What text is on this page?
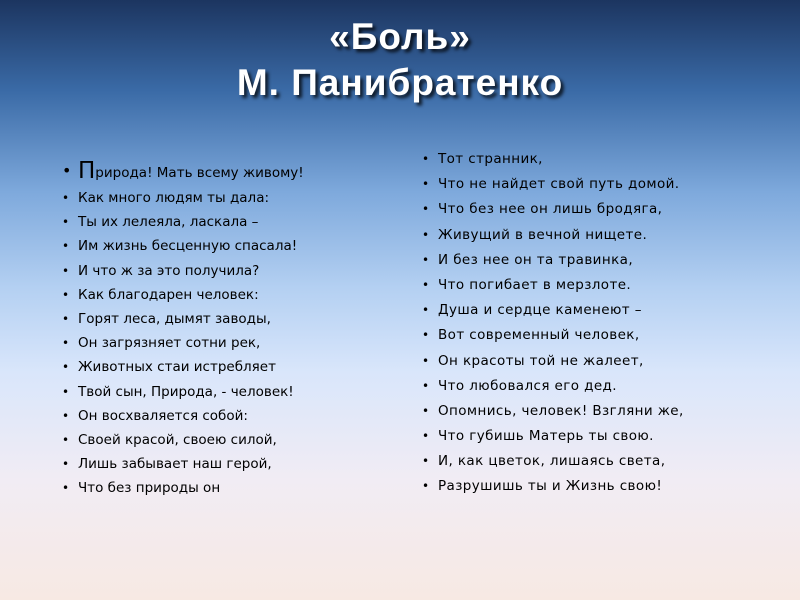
«Боль»
М. Панибратенко
• Природа! Мать всему живому!
• Как много людям ты дала:
• Ты их лелеяла, ласкала –
• Им жизнь бесценную спасала!
• И что ж за это получила?
• Как благодарен человек:
• Горят леса, дымят заводы,
• Он загрязняет сотни рек,
• Животных стаи истребляет
• Твой сын, Природа, - человек!
• Он восхваляется собой:
• Своей красой, своею силой,
• Лишь забывает наш герой,
• Что без природы он
• Тот странник,
• Что не найдет свой путь домой.
• Что без нее он лишь бродяга,
• Живущий в вечной нищете.
• И без нее он та травинка,
• Что погибает в мерзлоте.
• Душа и сердце каменеют –
• Вот современный человек,
• Он красоты той не жалеет,
• Что любовался его дед.
• Опомнись, человек! Взгляни же,
• Что губишь Матерь ты свою.
• И, как цветок, лишаясь света,
• Разрушишь ты и Жизнь свою!
